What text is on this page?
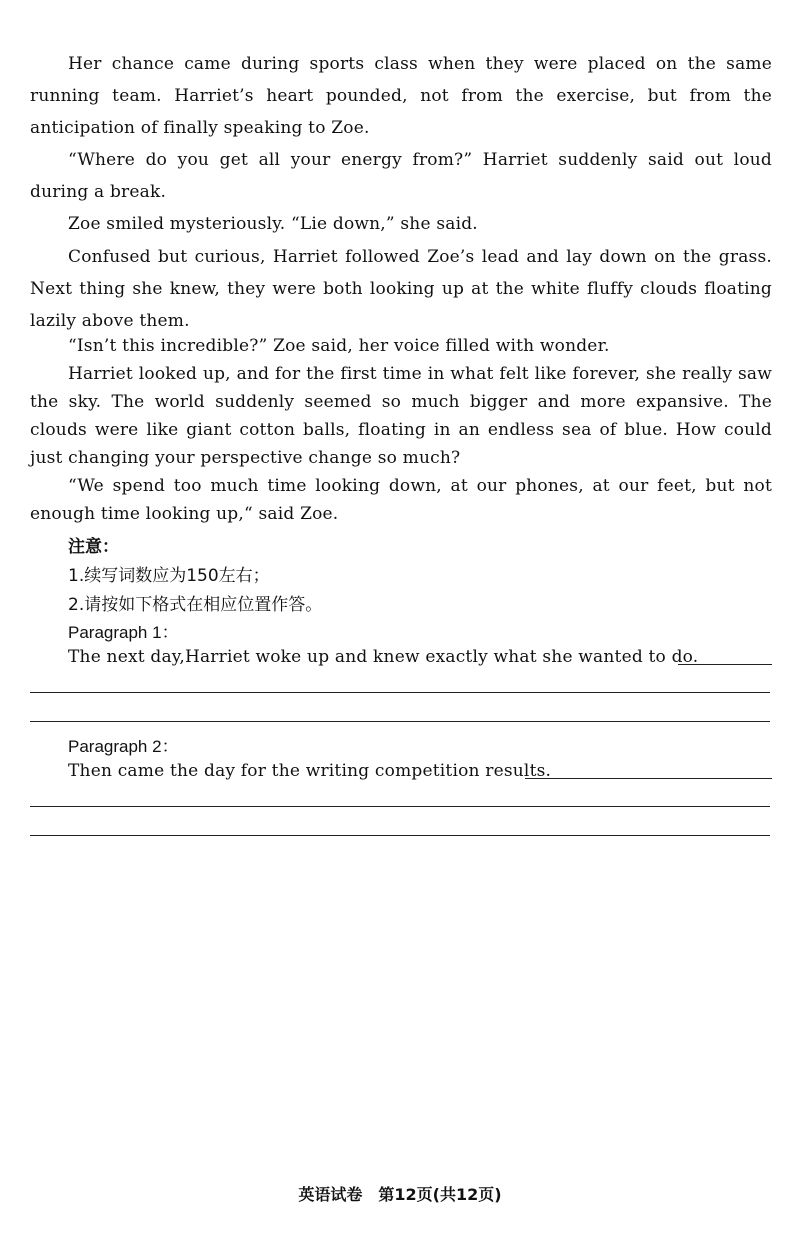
Her chance came during sports class when they were placed on the same running team. Harriet’s heart pounded, not from the exercise, but from the anticipation of finally speaking to Zoe.
“Where do you get all your energy from?” Harriet suddenly said out loud during a break.
Zoe smiled mysteriously. “Lie down,” she said.
Confused but curious, Harriet followed Zoe’s lead and lay down on the grass. Next thing she knew, they were both looking up at the white fluffy clouds floating lazily above them.
“Isn’t this incredible?” Zoe said, her voice filled with wonder.
Harriet looked up, and for the first time in what felt like forever, she really saw the sky. The world suddenly seemed so much bigger and more expansive. The clouds were like giant cotton balls, floating in an endless sea of blue. How could just changing your perspective change so much?
“We spend too much time looking down, at our phones, at our feet, but not enough time looking up,“ said Zoe.
注意：
1.续写词数应为150左右；
2.请按如下格式在相应位置作答。
Paragraph 1：
The next day,Harriet woke up and knew exactly what she wanted to do.
Paragraph 2：
Then came the day for the writing competition results.
英语试卷　第12页(共12页)
